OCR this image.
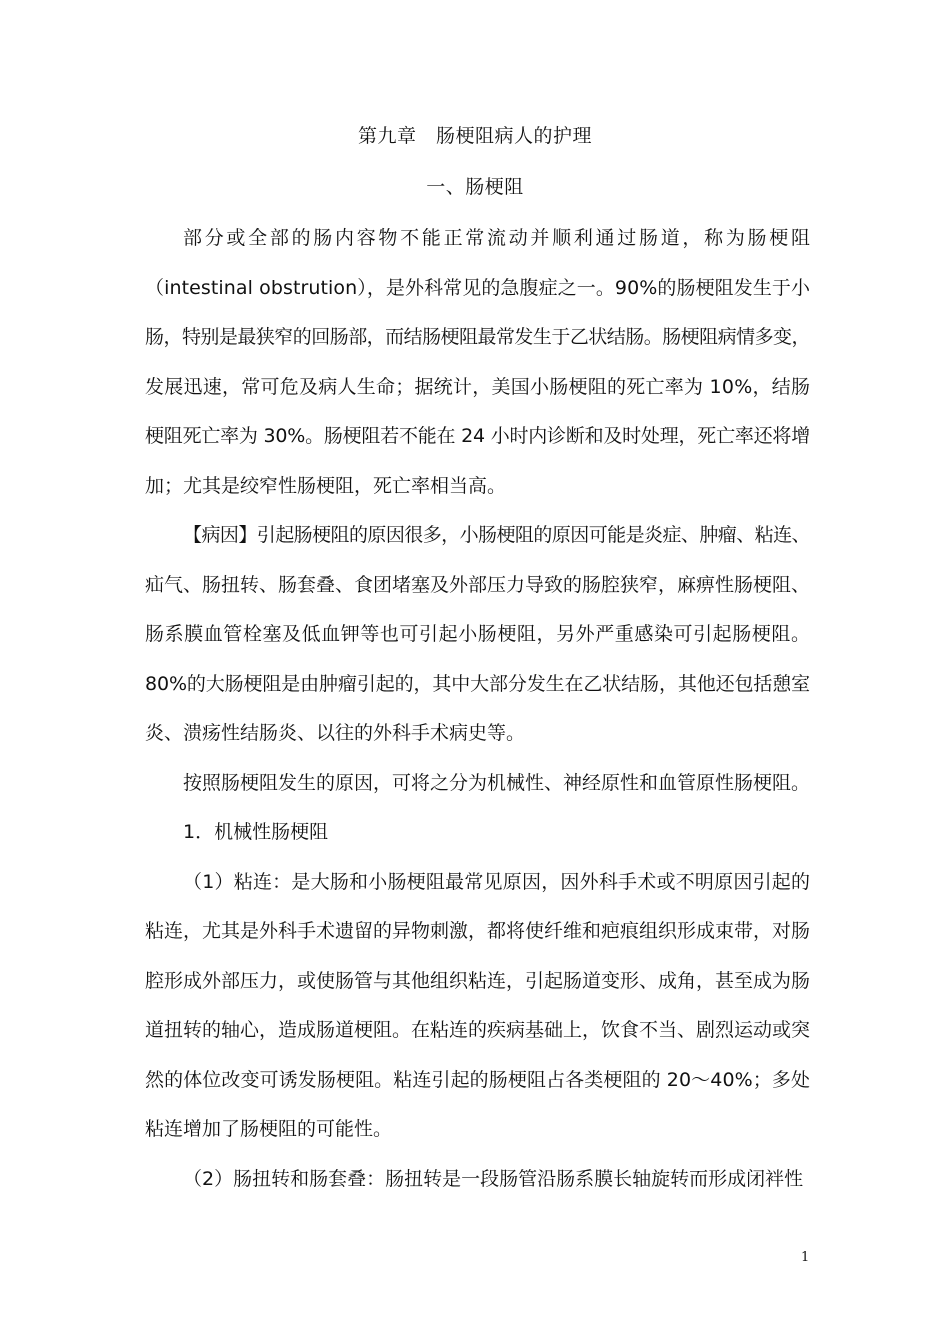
第九章　肠梗阻病人的护理
一、肠梗阻
部分或全部的肠内容物不能正常流动并顺利通过肠道，称为肠梗阻
（intestinal obstrution），是外科常见的急腹症之一。90%的肠梗阻发生于小
肠，特别是最狭窄的回肠部，而结肠梗阻最常发生于乙状结肠。肠梗阻病情多变，
发展迅速，常可危及病人生命；据统计，美国小肠梗阻的死亡率为 10%，结肠
梗阻死亡率为 30%。肠梗阻若不能在 24 小时内诊断和及时处理，死亡率还将增
加；尤其是绞窄性肠梗阻，死亡率相当高。
【病因】引起肠梗阻的原因很多，小肠梗阻的原因可能是炎症、肿瘤、粘连、
疝气、肠扭转、肠套叠、食团堵塞及外部压力导致的肠腔狭窄，麻痹性肠梗阻、
肠系膜血管栓塞及低血钾等也可引起小肠梗阻，另外严重感染可引起肠梗阻。
80%的大肠梗阻是由肿瘤引起的，其中大部分发生在乙状结肠，其他还包括憩室
炎、溃疡性结肠炎、以往的外科手术病史等。
按照肠梗阻发生的原因，可将之分为机械性、神经原性和血管原性肠梗阻。
1．机械性肠梗阻
（1）粘连：是大肠和小肠梗阻最常见原因，因外科手术或不明原因引起的
粘连，尤其是外科手术遗留的异物刺激，都将使纤维和疤痕组织形成束带，对肠
腔形成外部压力，或使肠管与其他组织粘连，引起肠道变形、成角，甚至成为肠
道扭转的轴心，造成肠道梗阻。在粘连的疾病基础上，饮食不当、剧烈运动或突
然的体位改变可诱发肠梗阻。粘连引起的肠梗阻占各类梗阻的 20～40%；多处
粘连增加了肠梗阻的可能性。
（2）肠扭转和肠套叠：肠扭转是一段肠管沿肠系膜长轴旋转而形成闭袢性
1
